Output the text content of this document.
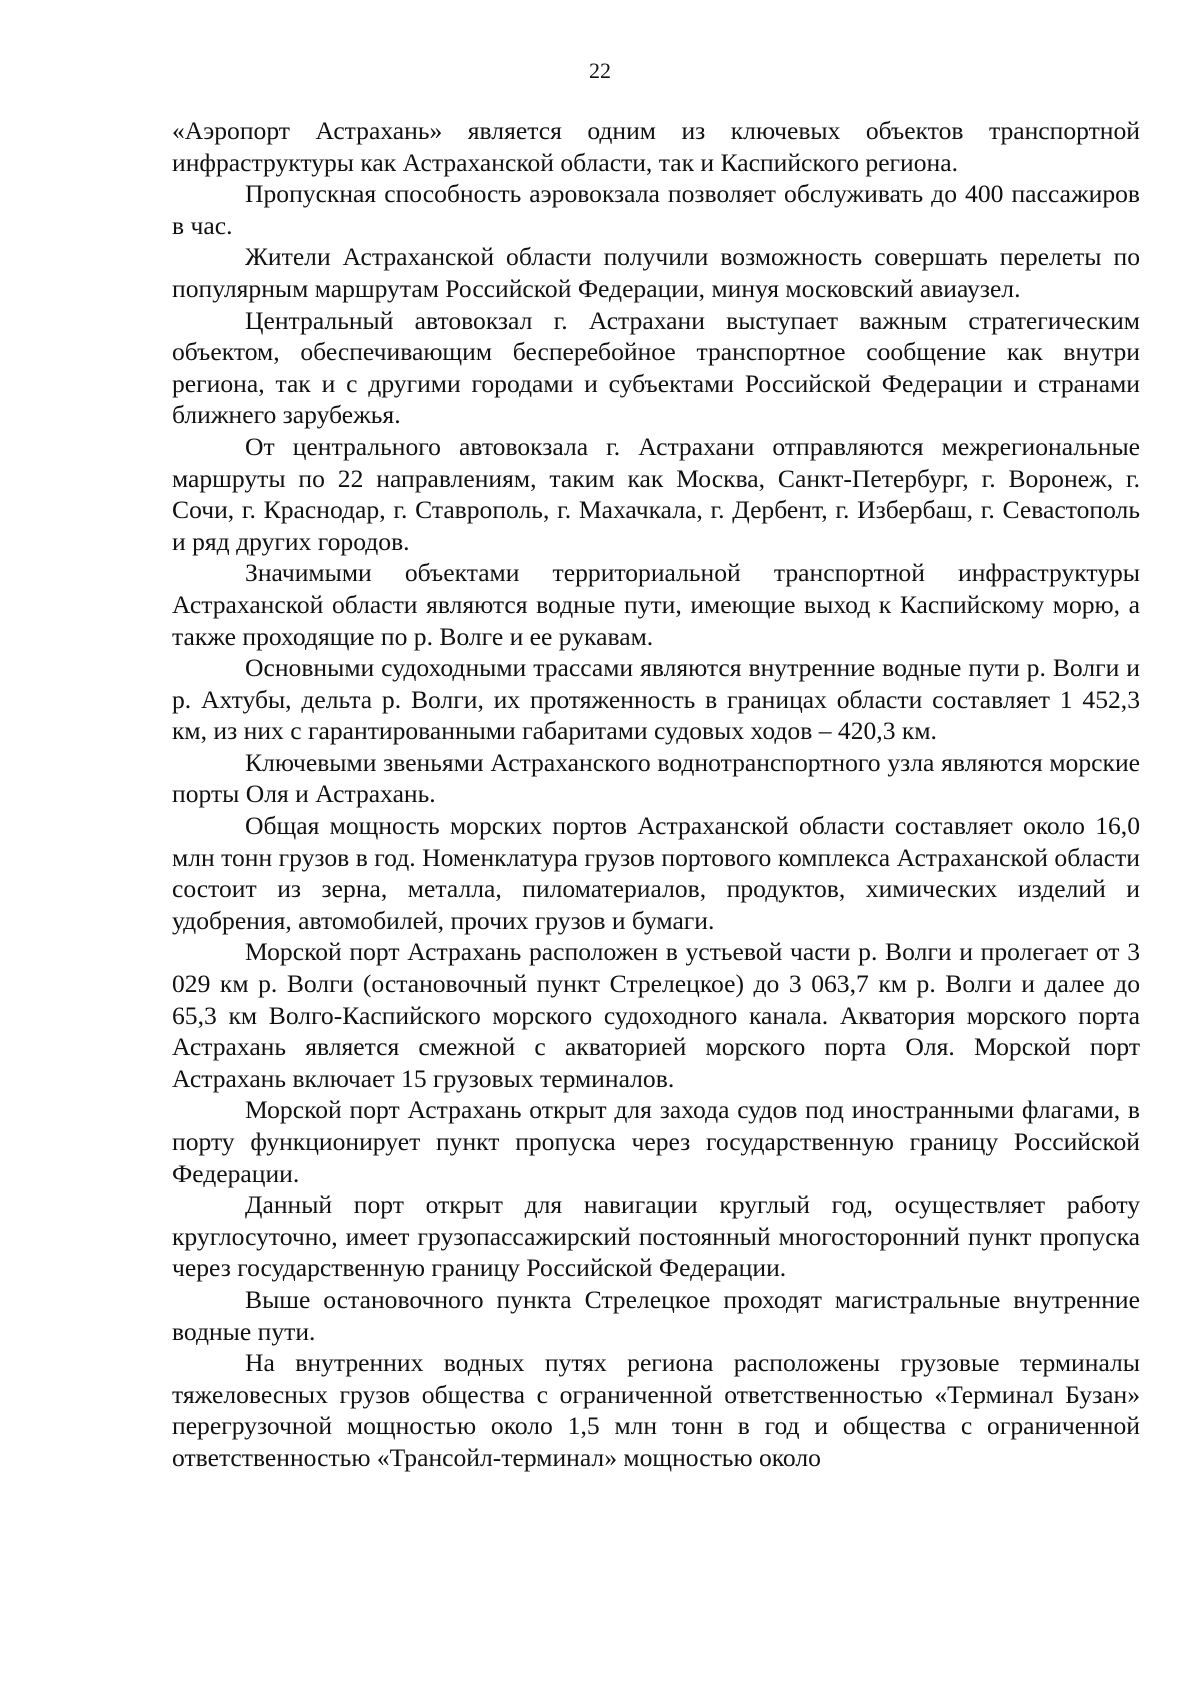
22

«Аэропорт Астрахань» является одним из ключевых объектов транспортной инфраструктуры как Астраханской области, так и Каспийского региона.

Пропускная способность аэровокзала позволяет обслуживать до 400 пассажиров в час.

Жители Астраханской области получили возможность совершать перелеты по популярным маршрутам Российской Федерации, минуя московский авиаузел.

Центральный автовокзал г. Астрахани выступает важным стратегическим объектом, обеспечивающим бесперебойное транспортное сообщение как внутри региона, так и с другими городами и субъектами Российской Федерации и странами ближнего зарубежья.

От центрального автовокзала г. Астрахани отправляются межрегиональные маршруты по 22 направлениям, таким как Москва, Санкт-Петербург, г. Воронеж, г. Сочи, г. Краснодар, г. Ставрополь, г. Махачкала, г. Дербент, г. Избербаш, г. Севастополь и ряд других городов.

Значимыми объектами территориальной транспортной инфраструктуры Астраханской области являются водные пути, имеющие выход к Каспийскому морю, а также проходящие по р. Волге и ее рукавам.

Основными судоходными трассами являются внутренние водные пути р. Волги и р. Ахтубы, дельта р. Волги, их протяженность в границах области составляет 1 452,3 км, из них с гарантированными габаритами судовых ходов – 420,3 км.

Ключевыми звеньями Астраханского воднотранспортного узла являются морские порты Оля и Астрахань.

Общая мощность морских портов Астраханской области составляет около 16,0 млн тонн грузов в год. Номенклатура грузов портового комплекса Астраханской области состоит из зерна, металла, пиломатериалов, продуктов, химических изделий и удобрения, автомобилей, прочих грузов и бумаги.

Морской порт Астрахань расположен в устьевой части р. Волги и пролегает от 3 029 км р. Волги (остановочный пункт Стрелецкое) до 3 063,7 км р. Волги и далее до 65,3 км Волго-Каспийского морского судоходного канала. Акватория морского порта Астрахань является смежной с акваторией морского порта Оля. Морской порт Астрахань включает 15 грузовых терминалов.

Морской порт Астрахань открыт для захода судов под иностранными флагами, в порту функционирует пункт пропуска через государственную границу Российской Федерации.

Данный порт открыт для навигации круглый год, осуществляет работу круглосуточно, имеет грузопассажирский постоянный многосторонний пункт пропуска через государственную границу Российской Федерации.

Выше остановочного пункта Стрелецкое проходят магистральные внутренние водные пути.

На внутренних водных путях региона расположены грузовые терминалы тяжеловесных грузов общества с ограниченной ответственностью «Терминал Бузан» перегрузочной мощностью около 1,5 млн тонн в год и общества с ограниченной ответственностью «Трансойл-терминал» мощностью около
